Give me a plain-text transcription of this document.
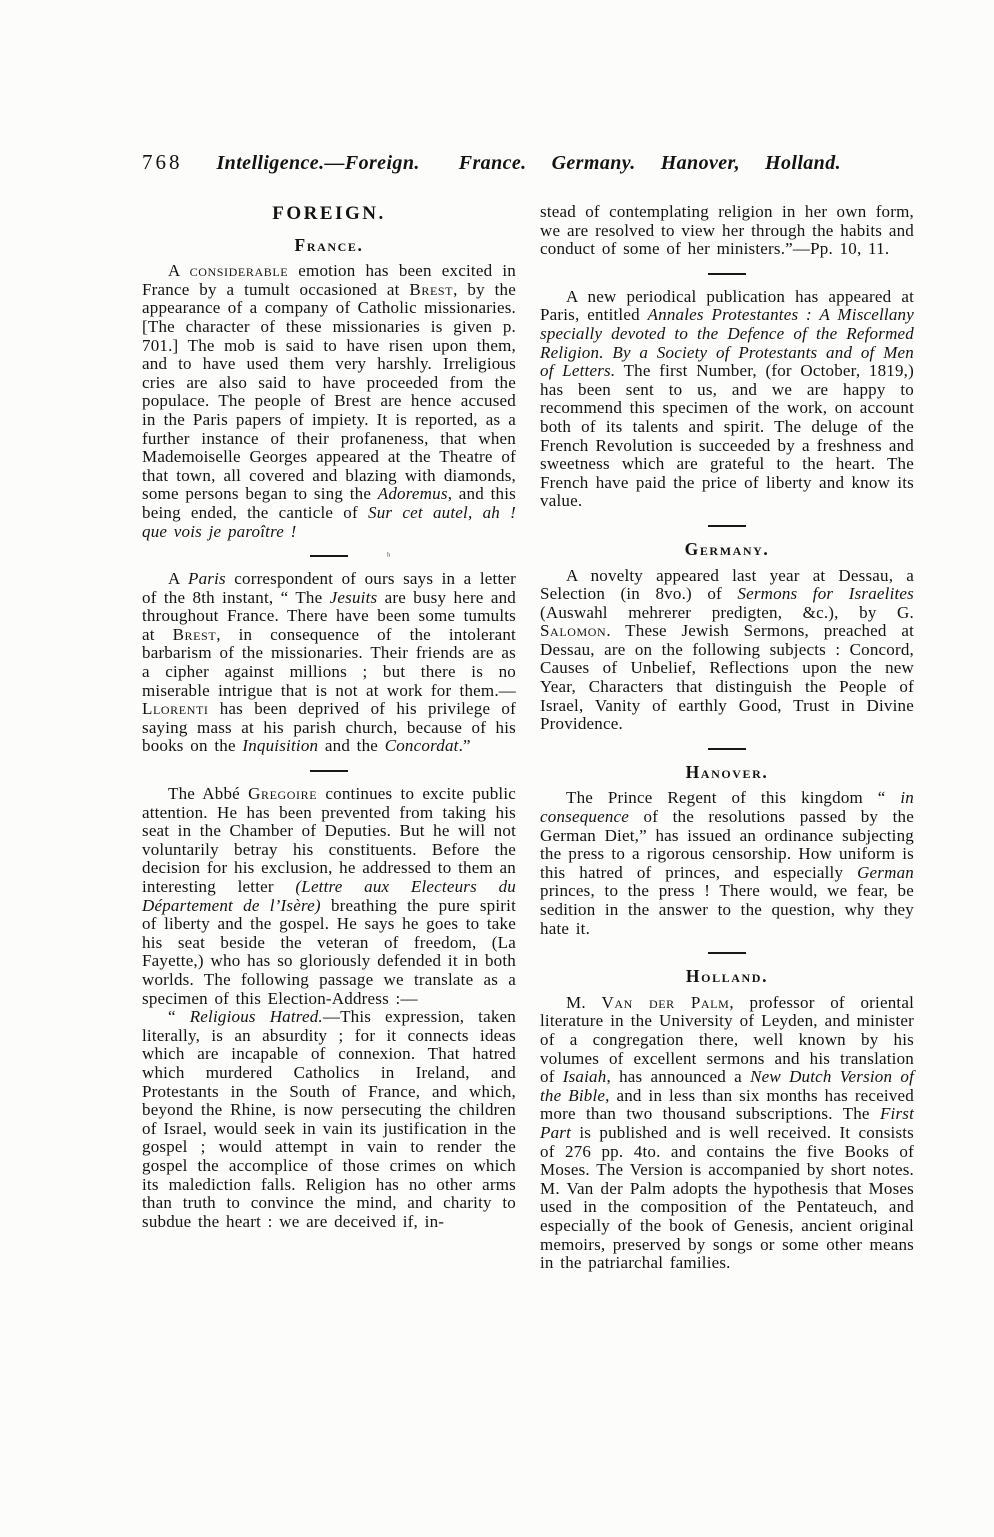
768 Intelligence.—Foreign. France. Germany. Hanover, Holland.
FOREIGN.
France.

A considerable emotion has been excited in France by a tumult occasioned at Brest, by the appearance of a company of Catholic missionaries. [The character of these missionaries is given p. 701.] The mob is said to have risen upon them, and to have used them very harshly. Irreligious cries are also said to have proceeded from the populace. The people of Brest are hence accused in the Paris papers of impiety. It is reported, as a further instance of their profaneness, that when Mademoiselle Georges appeared at the Theatre of that town, all covered and blazing with diamonds, some persons began to sing the Adoremus, and this being ended, the canticle of Sur cet autel, ah ! que vois je paroître !

ʰ

A Paris correspondent of ours says in a letter of the 8th instant, “ The Jesuits are busy here and throughout France. There have been some tumults at Brest, in consequence of the intolerant barbarism of the missionaries. Their friends are as a cipher against millions ; but there is no miserable intrigue that is not at work for them.—Llorenti has been deprived of his privilege of saying mass at his parish church, because of his books on the Inquisition and the Concordat.”

The Abbé Gregoire continues to excite public attention. He has been prevented from taking his seat in the Chamber of Deputies. But he will not voluntarily betray his constituents. Before the decision for his exclusion, he addressed to them an interesting letter (Lettre aux Electeurs du Département de l’Isère) breathing the pure spirit of liberty and the gospel. He says he goes to take his seat beside the veteran of freedom, (La Fayette,) who has so gloriously defended it in both worlds. The following passage we translate as a specimen of this Election-Address :—

“ Religious Hatred.—This expression, taken literally, is an absurdity ; for it connects ideas which are incapable of connexion. That hatred which murdered Catholics in Ireland, and Protestants in the South of France, and which, beyond the Rhine, is now persecuting the children of Israel, would seek in vain its justification in the gospel ; would attempt in vain to render the gospel the accomplice of those crimes on which its malediction falls. Religion has no other arms than truth to convince the mind, and charity to subdue the heart : we are deceived if, in-

stead of contemplating religion in her own form, we are resolved to view her through the habits and conduct of some of her ministers.”—Pp. 10, 11.

A new periodical publication has appeared at Paris, entitled Annales Protestantes : A Miscellany specially devoted to the Defence of the Reformed Religion. By a Society of Protestants and of Men of Letters. The first Number, (for October, 1819,) has been sent to us, and we are happy to recommend this specimen of the work, on account both of its talents and spirit. The deluge of the French Revolution is succeeded by a freshness and sweetness which are grateful to the heart. The French have paid the price of liberty and know its value.

Germany.

A novelty appeared last year at Dessau, a Selection (in 8vo.) of Sermons for Israelites (Auswahl mehrerer predigten, &c.), by G. Salomon. These Jewish Sermons, preached at Dessau, are on the following subjects : Concord, Causes of Unbelief, Reflections upon the new Year, Characters that distinguish the People of Israel, Vanity of earthly Good, Trust in Divine Providence.

Hanover.

The Prince Regent of this kingdom “ in consequence of the resolutions passed by the German Diet,” has issued an ordinance subjecting the press to a rigorous censorship. How uniform is this hatred of princes, and especially German princes, to the press ! There would, we fear, be sedition in the answer to the question, why they hate it.

Holland.

M. Van der Palm, professor of oriental literature in the University of Leyden, and minister of a congregation there, well known by his volumes of excellent sermons and his translation of Isaiah, has announced a New Dutch Version of the Bible, and in less than six months has received more than two thousand subscriptions. The First Part is published and is well received. It consists of 276 pp. 4to. and contains the five Books of Moses. The Version is accompanied by short notes. M. Van der Palm adopts the hypothesis that Moses used in the composition of the Pentateuch, and especially of the book of Genesis, ancient original memoirs, preserved by songs or some other means in the patriarchal families.
